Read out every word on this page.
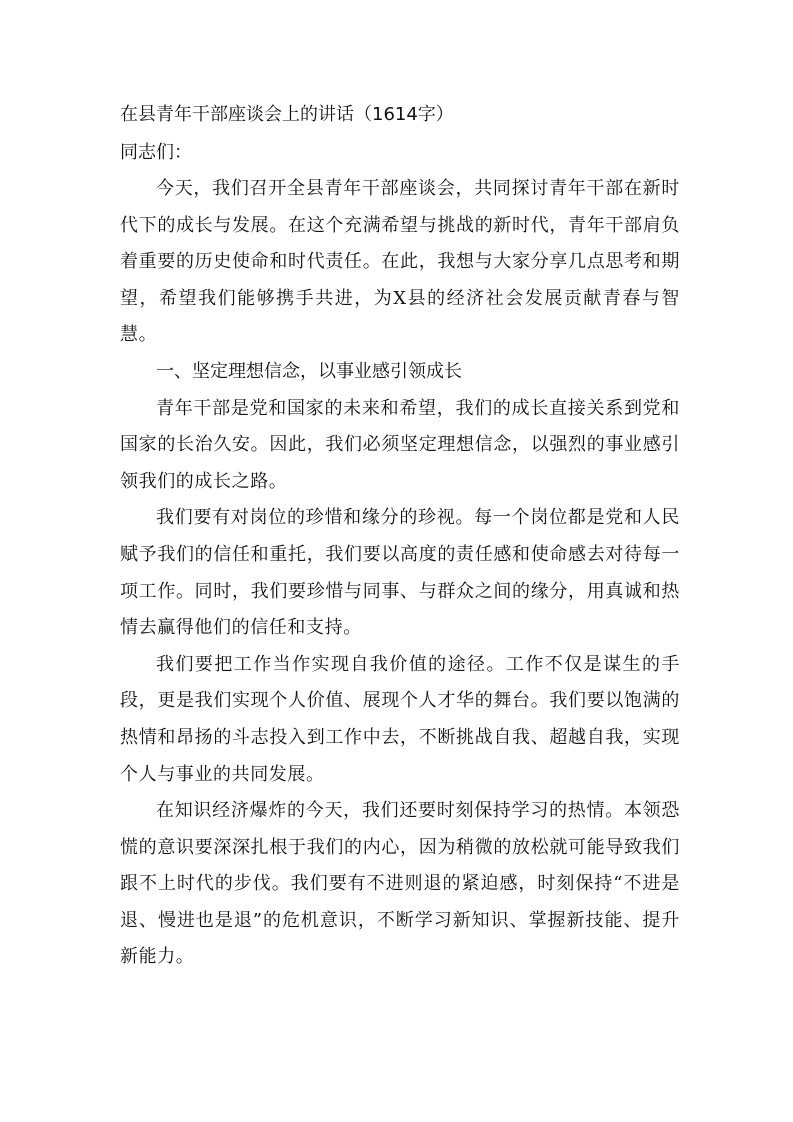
在县青年干部座谈会上的讲话（1614字）

同志们：

今天，我们召开全县青年干部座谈会，共同探讨青年干部在新时代下的成长与发展。在这个充满希望与挑战的新时代，青年干部肩负着重要的历史使命和时代责任。在此，我想与大家分享几点思考和期望，希望我们能够携手共进，为X县的经济社会发展贡献青春与智慧。

一、坚定理想信念，以事业感引领成长

青年干部是党和国家的未来和希望，我们的成长直接关系到党和国家的长治久安。因此，我们必须坚定理想信念，以强烈的事业感引领我们的成长之路。

我们要有对岗位的珍惜和缘分的珍视。每一个岗位都是党和人民赋予我们的信任和重托，我们要以高度的责任感和使命感去对待每一项工作。同时，我们要珍惜与同事、与群众之间的缘分，用真诚和热情去赢得他们的信任和支持。

我们要把工作当作实现自我价值的途径。工作不仅是谋生的手段，更是我们实现个人价值、展现个人才华的舞台。我们要以饱满的热情和昂扬的斗志投入到工作中去，不断挑战自我、超越自我，实现个人与事业的共同发展。

在知识经济爆炸的今天，我们还要时刻保持学习的热情。本领恐慌的意识要深深扎根于我们的内心，因为稍微的放松就可能导致我们跟不上时代的步伐。我们要有不进则退的紧迫感，时刻保持“不进是退、慢进也是退”的危机意识，不断学习新知识、掌握新技能、提升新能力。
